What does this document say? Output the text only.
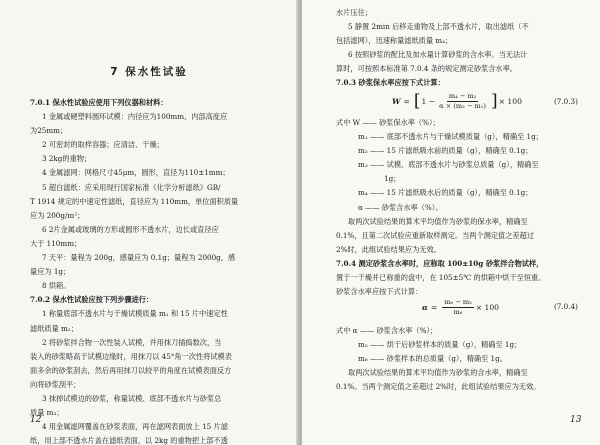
7 保水性试验
7.0.1 保水性试验应使用下列仪器和材料：
1 金属或硬塑料圆环试模：内径应为100mm、内部高度应
为25mm；
2 可密封的取样容器；应清洁、干燥；
3 2kg的重物；
4 金属滤网：网格尺寸45μm，圆形，直径为110±1mm；
5 超白滤纸：应采用现行国家标准《化学分析滤纸》GB/
T 1914 规定的中速定性滤纸，直径应为 110mm，单位面积质量
应为 200g/m²；
6 2片金属或玻璃的方形或圆形不透水片，边长或直径应
大于 110mm；
7 天平：量程为 200g，感量应为 0.1g；量程为 2000g，感
量应为 1g；
8 烘箱。
7.0.2 保水性试验应按下列步骤进行：
1 称量底部不透水片与干燥试模质量 m₁ 和 15 片中速定性
滤纸质量 m₂；
2 将砂浆拌合物一次性装入试模，并用抹刀插捣数次，当
装入的砂浆略高于试模边缘时，用抹刀以 45°角一次性将试模表
面多余的砂浆刮去，然后再用抹刀以较平的角度在试模表面反方
向将砂浆刮平；
3 抹掉试模边的砂浆，称量试模、底部不透水片与砂浆总
质量 m₃；
4 用金属滤网覆盖在砂浆表面，再在滤网表面放上 15 片滤
纸，用上部不透水片盖在滤纸表面，以 2kg 的重物把上部不透
12
水片压住；
5 静置 2min 后移走重物及上部不透水片，取出滤纸（不
包括滤网），迅速称量滤纸质量 m₄；
6 按照砂浆的配比及加水量计算砂浆的含水率。当无法计
算时，可按照本标准第 7.0.4 条的规定测定砂浆含水率。
7.0.3 砂浆保水率应按下式计算：
W = [ $1 - \frac{\text{m₄ − m₂}}{\text{α × (m₃ − m₁)}}$ ] × 100	(7.0.3)
式中 W —— 砂浆保水率（%）；
m₁ —— 底部不透水片与干燥试模质量（g），精确至 1g；
m₂ —— 15 片滤纸吸水前的质量（g），精确至 0.1g；
m₃ —— 试模、底部不透水片与砂浆总质量（g），精确至
1g；
m₄ —— 15 片滤纸吸水后的质量（g），精确至 0.1g；
α —— 砂浆含水率（%）。
取两次试验结果的算术平均值作为砂浆的保水率，精确至
0.1%，且第二次试验应重新取样测定。当两个测定值之差超过
2%时，此组试验结果应为无效。
7.0.4 测定砂浆含水率时，应称取 100±10g 砂浆拌合物试样，
置于一干燥并已称重的盘中，在 105±5℃ 的烘箱中烘干至恒重。
砂浆含水率应按下式计算：
$\alpha = \frac{\text{m₆ − m₅}}{\text{m₆}} \times 100$	(7.0.4)
式中 α —— 砂浆含水率（%）；
m₅ —— 烘干后砂浆样本的质量（g），精确至 1g；
m₆ —— 砂浆样本的总质量（g），精确至 1g。
取两次试验结果的算术平均值作为砂浆的含水率，精确至
0.1%。当两个测定值之差超过 2%时，此组试验结果应为无效。
13
